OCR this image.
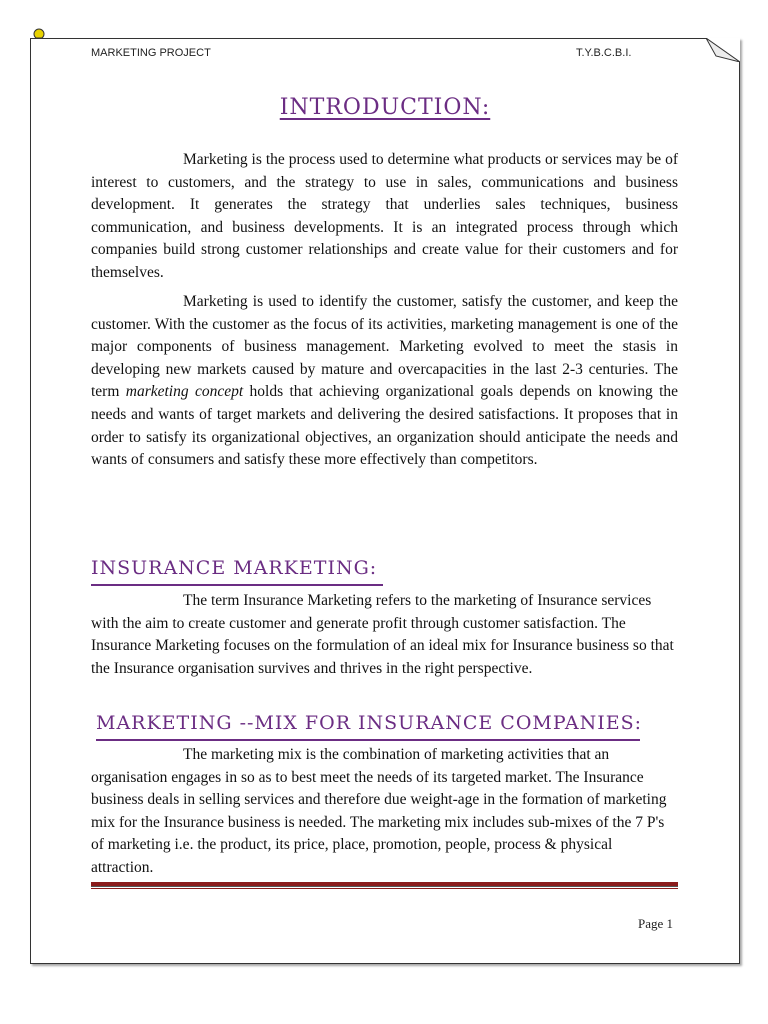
MARKETING PROJECT	T.Y.B.C.B.I.
INTRODUCTION:

Marketing is the process used to determine what products or services may be of interest to customers, and the strategy to use in sales, communications and business development. It generates the strategy that underlies sales techniques, business communication, and business developments. It is an integrated process through which companies build strong customer relationships and create value for their customers and for themselves.

Marketing is used to identify the customer, satisfy the customer, and keep the customer. With the customer as the focus of its activities, marketing management is one of the major components of business management. Marketing evolved to meet the stasis in developing new markets caused by mature and overcapacities in the last 2-3 centuries. The term marketing concept holds that achieving organizational goals depends on knowing the needs and wants of target markets and delivering the desired satisfactions. It proposes that in order to satisfy its organizational objectives, an organization should anticipate the needs and wants of consumers and satisfy these more effectively than competitors.

INSURANCE MARKETING:

The term Insurance Marketing refers to the marketing of Insurance services with the aim to create customer and generate profit through customer satisfaction. The Insurance Marketing focuses on the formulation of an ideal mix for Insurance business so that the Insurance organisation survives and thrives in the right perspective.

MARKETING --MIX FOR INSURANCE COMPANIES:

The marketing mix is the combination of marketing activities that an organisation engages in so as to best meet the needs of its targeted market. The Insurance business deals in selling services and therefore due weight-age in the formation of marketing mix for the Insurance business is needed. The marketing mix includes sub-mixes of the 7 P's of marketing i.e. the product, its price, place, promotion, people, process & physical attraction.

Page 1
